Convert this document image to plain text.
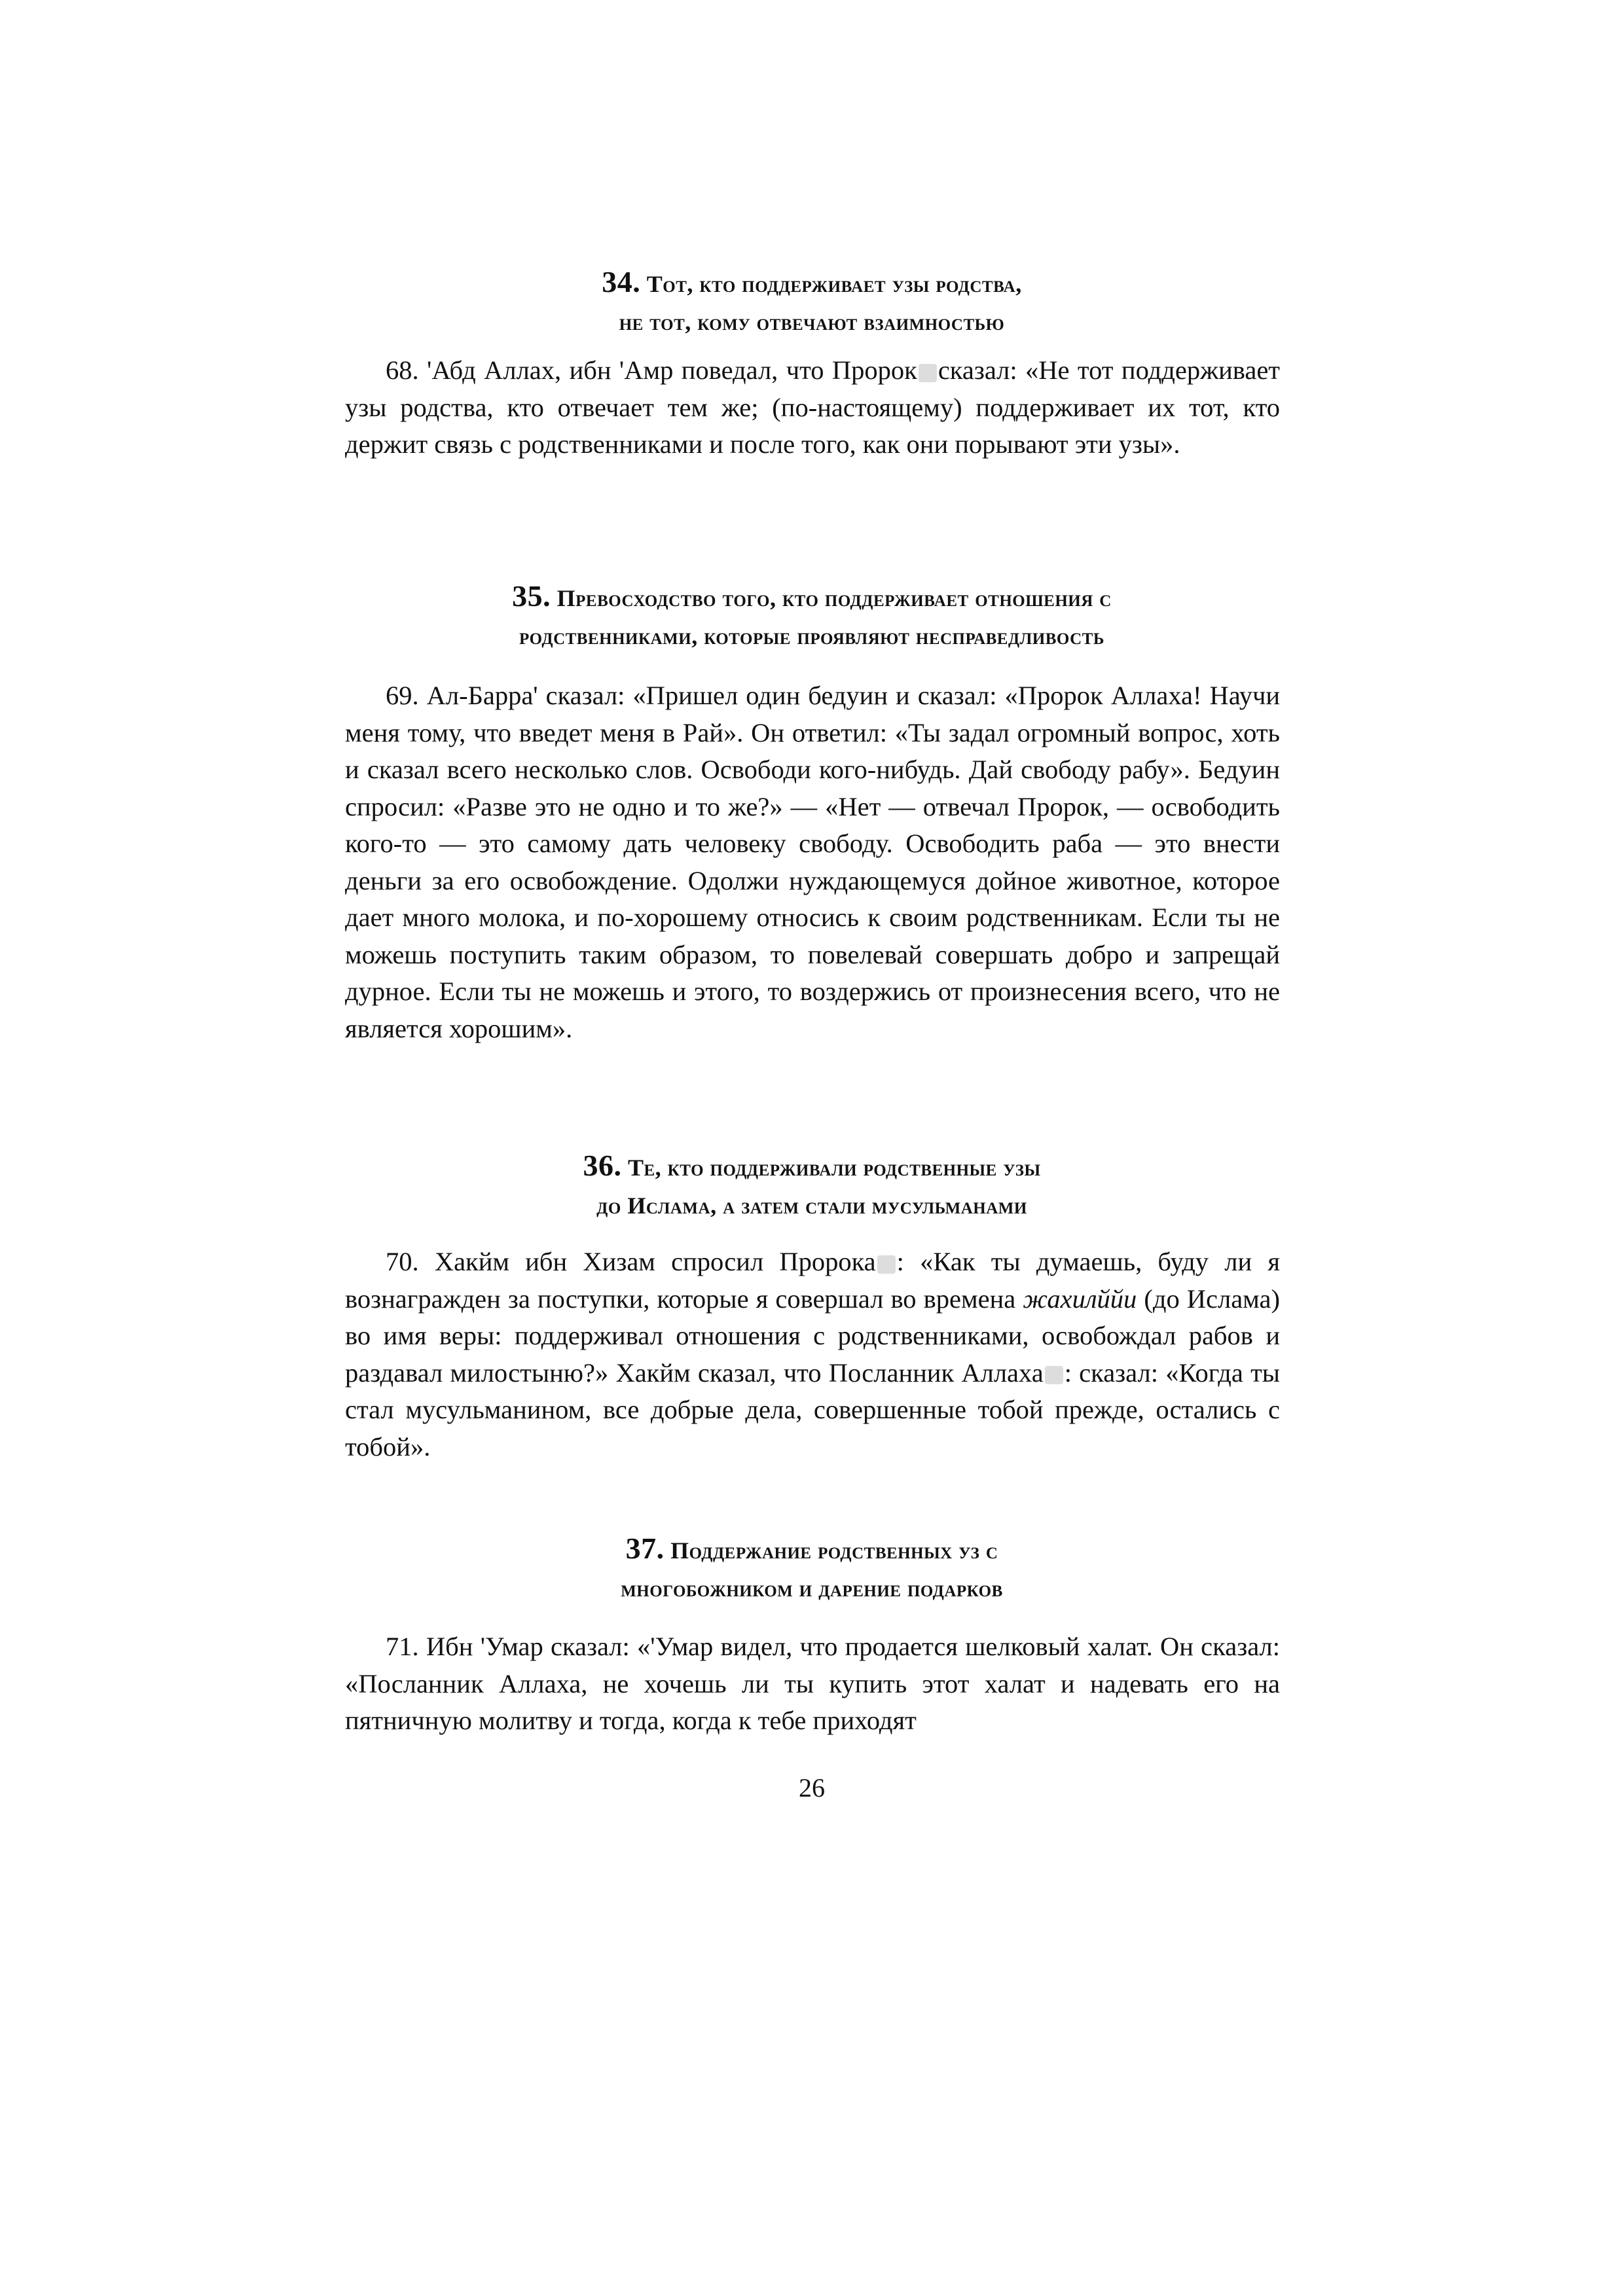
34. Тот, кто поддерживает узы родства,
не тот, кому отвечают взаимностью

68. 'Абд Аллах, ибн 'Амр поведал, что Пророк сказал: «Не тот поддерживает узы родства, кто отвечает тем же; (по-настоящему) поддерживает их тот, кто держит связь с родственниками и после того, как они порывают эти узы».

35. Превосходство того, кто поддерживает отношения с
родственниками, которые проявляют несправедливость

69. Ал-Барра' сказал: «Пришел один бедуин и сказал: «Пророк Аллаха! Научи меня тому, что введет меня в Рай». Он ответил: «Ты задал огромный вопрос, хоть и сказал всего несколько слов. Освободи кого-нибудь. Дай свободу рабу». Бедуин спросил: «Разве это не одно и то же?» — «Нет — отвечал Пророк, — освободить кого-то — это самому дать человеку свободу. Освободить раба — это внести деньги за его освобождение. Одолжи нуждающемуся дойное животное, которое дает много молока, и по-хорошему относись к своим родственникам. Если ты не можешь поступить таким образом, то повелевай совершать добро и запрещай дурное. Если ты не можешь и этого, то воздержись от произнесения всего, что не является хорошим».

36. Те, кто поддерживали родственные узы
до Ислама, а затем стали мусульманами

70. Хакйм ибн Хизам спросил Пророка : «Как ты думаешь, буду ли я вознагражден за поступки, которые я совершал во времена жахилййи (до Ислама) во имя веры: поддерживал отношения с родственниками, освобождал рабов и раздавал милостыню?» Хакйм сказал, что Посланник Аллаха : сказал: «Когда ты стал мусульманином, все добрые дела, совершенные тобой прежде, остались с тобой».

37. Поддержание родственных уз с
многобожником и дарение подарков

71. Ибн 'Умар сказал: «'Умар видел, что продается шелковый халат. Он сказал: «Посланник Аллаха, не хочешь ли ты купить этот халат и надевать его на пятничную молитву и тогда, когда к тебе приходят

26
